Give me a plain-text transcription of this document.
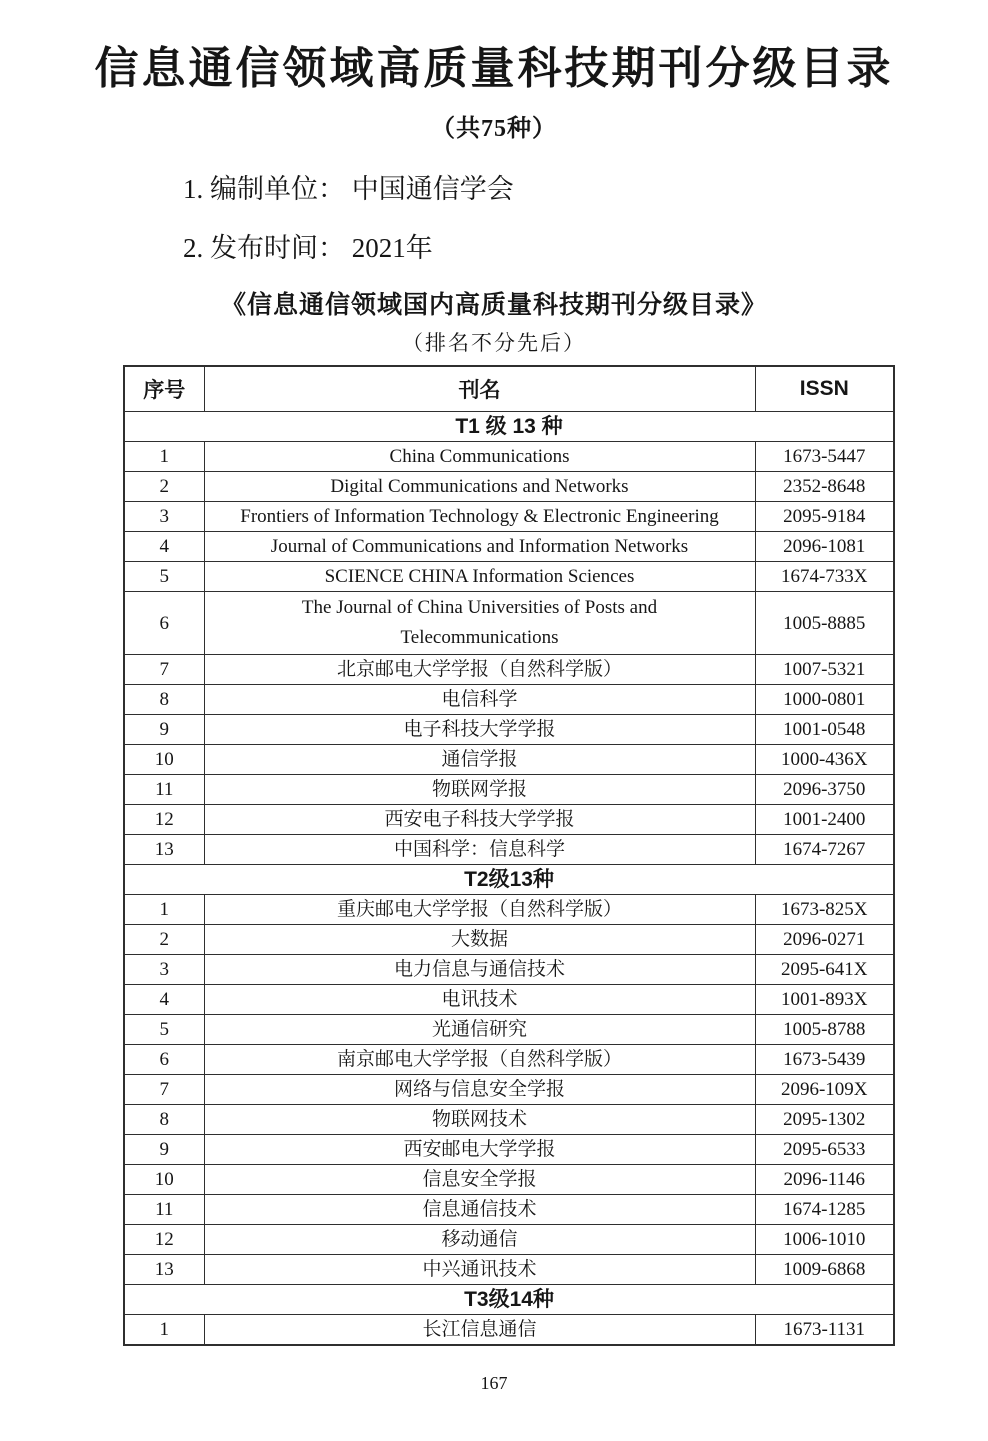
信息通信领域高质量科技期刊分级目录
（共75种）
1. 编制单位： 中国通信学会
2. 发布时间： 2021年
《信息通信领域国内高质量科技期刊分级目录》
（排名不分先后）
序号	刊名	ISSN
T1 级 13 种		
1	China Communications	1673-5447
2	Digital Communications and Networks	2352-8648
3	Frontiers of Information Technology & Electronic Engineering	2095-9184
4	Journal of Communications and Information Networks	2096-1081
5	SCIENCE CHINA Information Sciences	1674-733X
6	The Journal of China Universities of Posts and Telecommunications	1005-8885
7	北京邮电大学学报（自然科学版）	1007-5321
8	电信科学	1000-0801
9	电子科技大学学报	1001-0548
10	通信学报	1000-436X
11	物联网学报	2096-3750
12	西安电子科技大学学报	1001-2400
13	中国科学：信息科学	1674-7267
T2级13种		
1	重庆邮电大学学报（自然科学版）	1673-825X
2	大数据	2096-0271
3	电力信息与通信技术	2095-641X
4	电讯技术	1001-893X
5	光通信研究	1005-8788
6	南京邮电大学学报（自然科学版）	1673-5439
7	网络与信息安全学报	2096-109X
8	物联网技术	2095-1302
9	西安邮电大学学报	2095-6533
10	信息安全学报	2096-1146
11	信息通信技术	1674-1285
12	移动通信	1006-1010
13	中兴通讯技术	1009-6868
T3级14种		
1	长江信息通信	1673-1131
167
